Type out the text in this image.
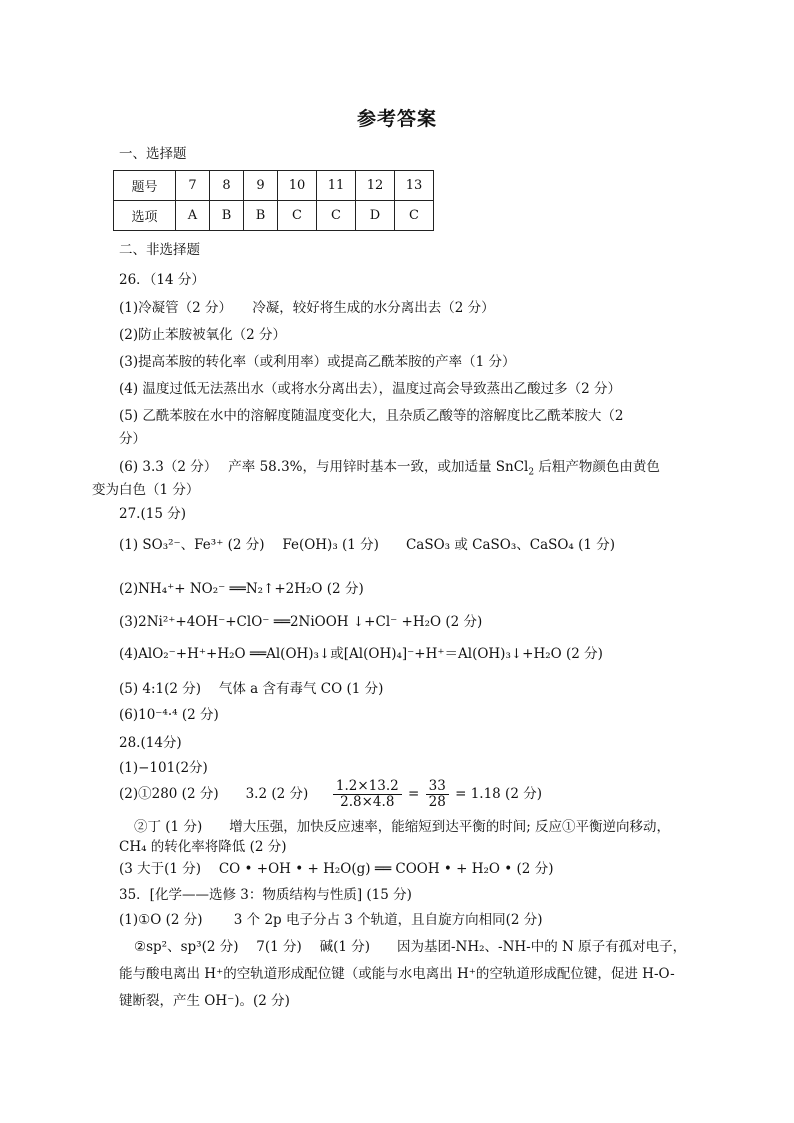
参考答案
一、选择题
题号	7	8	9	10	11	12	13
选项	A	B	B	C	C	D	C
二、非选择题
26．（14 分）
(1)冷凝管（2 分）　　冷凝，较好将生成的水分离出去（2 分）
(2)防止苯胺被氧化（2 分）
(3)提高苯胺的转化率（或利用率）或提高乙酰苯胺的产率（1 分）
(4) 温度过低无法蒸出水（或将水分离出去），温度过高会导致蒸出乙酸过多（2 分）
(5) 乙酰苯胺在水中的溶解度随温度变化大，且杂质乙酸等的溶解度比乙酰苯胺大（2
分）
(6) 3.3（2 分）　 产率 58.3%，与用锌时基本一致，或加适量 SnCl$_2$ 后粗产物颜色由黄色
变为白色（1 分）
27.(15 分)
(1) SO₃²⁻、Fe³⁺ (2 分)　 Fe(OH)₃ (1 分)　　CaSO₃ 或 CaSO₃、CaSO₄ (1 分)
(2)NH₄⁺+ NO₂⁻ ══N₂↑+2H₂O (2 分)
(3)2Ni²⁺+4OH⁻+ClO⁻ ══2NiOOH ↓+Cl⁻ +H₂O (2 分)
(4)AlO₂⁻+H⁺+H₂O ══Al(OH)₃↓或[Al(OH)₄]⁻+H⁺＝Al(OH)₃↓+H₂O (2 分)
(5) 4:1(2 分)　 气体 a 含有毒气 CO (1 分)
(6)10⁻⁴·⁴ (2 分)
28.(14分)
(1)−101(2分)
(2)①280 (2 分)　　3.2 (2 分) $\frac{1.2\times 13.2}{2.8\times 4.8} = \frac{33}{28} = 1.18$ (2 分)
②丁 (1 分)　　增大压强，加快反应速率，能缩短到达平衡的时间; 反应①平衡逆向移动，
CH₄ 的转化率将降低 (2 分)
(3 大于(1 分)　 CO • +OH • + H₂O(g) ══ COOH • + H₂O • (2 分)
35．[化学——选修 3：物质结构与性质] (15 分)
(1)①O (2 分)　　 3 个 2p 电子分占 3 个轨道，且自旋方向相同(2 分)
②sp²、sp³(2 分)　 7(1 分)　 碱(1 分)　　因为基团-NH₂、-NH-中的 N 原子有孤对电子，
能与酸电离出 H⁺的空轨道形成配位键（或能与水电离出 H⁺的空轨道形成配位键，促进 H-O-
键断裂，产生 OH⁻)。(2 分)
